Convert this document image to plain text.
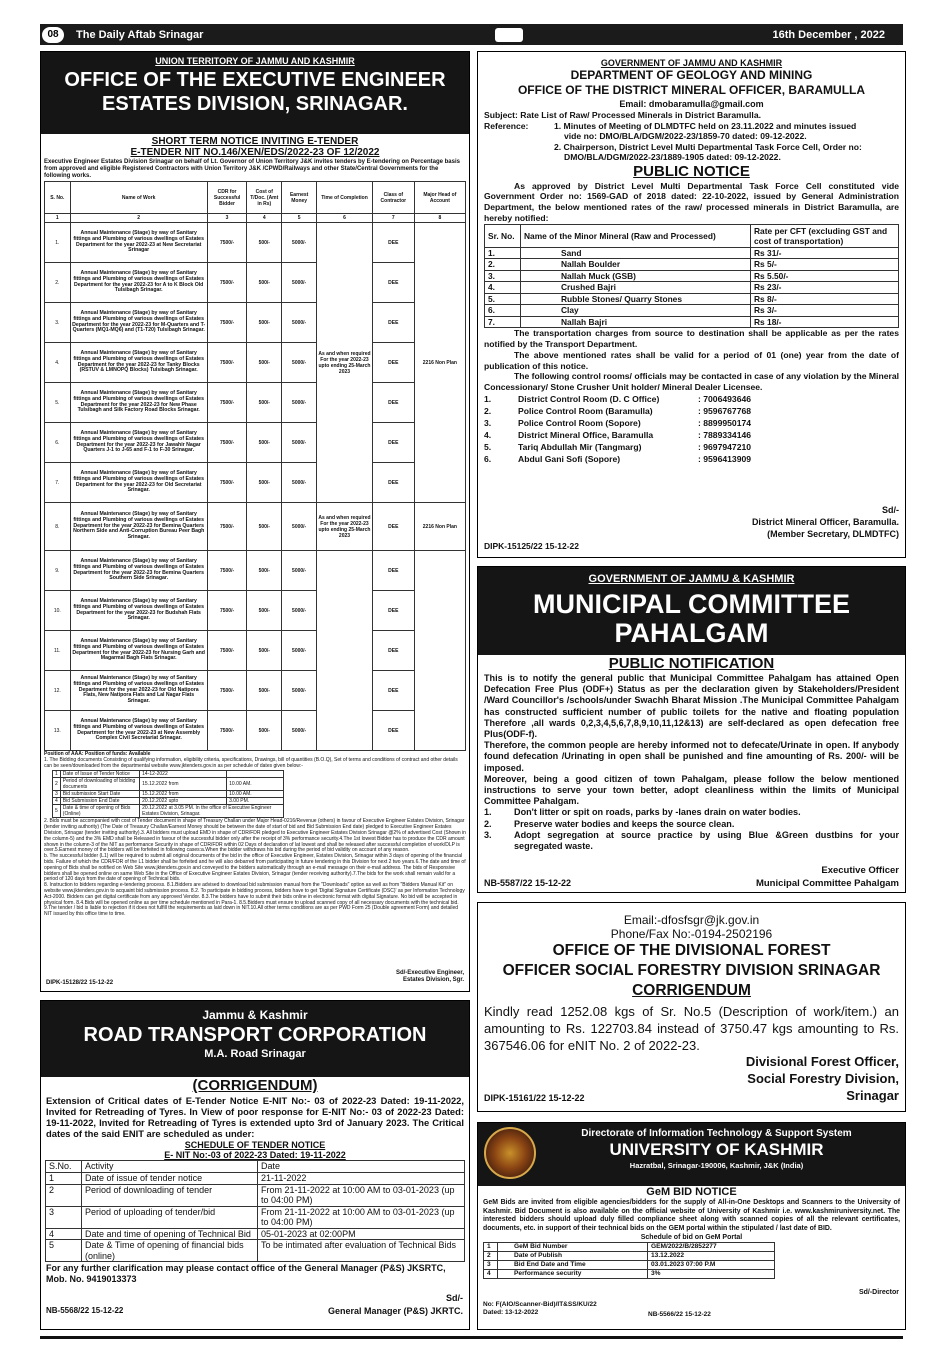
08	The Daily Aftab Srinagar	16th December , 2022
UNION TERRITORY OF JAMMU AND KASHMIR
OFFICE OF THE EXECUTIVE ENGINEER
ESTATES DIVISION, SRINAGAR.
SHORT TERM NOTICE INVITING E-TENDER
E-TENDER NIT NO.146/XEN/EDS/2022-23 OF 12/2022
Executive Engineer Estates Division Srinagar on behalf of Lt. Governor of Union Territory J&K invites tenders by E-tendering on Percentage basis from approved and eligible Registered Contractors with Union Territory J&K /CPWD/Railways and other State/Central Governments for the following works.
S. No.	Name of Work	CDR for Successful Bidder	Cost of T/Doc. (Amt in Rs)	Earnest Money	Time of Completion	Class of Contractor	Major Head of Account
1	2	3	4	5	6	7	8
1.	Annual Maintenance (Stage) by way of Sanitary fittings and Plumbing of various dwellings of Estates Department for the year 2022-23 at New Secretariat Srinagar	7500/-	500/-	5000/-	As and when required For the year 2022-23 upto ending 25-March 2023	DEE	2216 Non Plan
2.	Annual Maintenance (Stage) by way of Sanitary fittings and Plumbing of various dwellings of Estates Department for the year 2022-23 for A to K Block Old Tulsibagh Srinagar.	7500/-	500/-	5000/-		DEE	
3.	Annual Maintenance (Stage) by way of Sanitary fittings and Plumbing of various dwellings of Estates Department for the year 2022-23 for M-Quarters and T-Quarters (MQ1-MQ6) and (T1-T20) Tulsibagh Srinagar.	7500/-	500/-	5000/-		DEE	
4.	Annual Maintenance (Stage) by way of Sanitary fittings and Plumbing of various dwellings of Estates Department for the year 2022-23 for Tanky Blocks (RSTUV & LMNOPQ Blocks) Tulsibagh Srinagar.	7500/-	500/-	5000/-		DEE	
5.	Annual Maintenance (Stage) by way of Sanitary fittings and Plumbing of various dwellings of Estates Department for the year 2022-23 for New Phase Tulsibagh and Silk Factory Road Blocks Srinagar.	7500/-	500/-	5000/-		DEE	
6.	Annual Maintenance (Stage) by way of Sanitary fittings and Plumbing of various dwellings of Estates Department for the year 2022-23 for Jawahir Nagar Quarters J-1 to J-65 and F-1 to F-30 Srinagar.	7500/-	500/-	5000/-		DEE	
7.	Annual Maintenance (Stage) by way of Sanitary fittings and Plumbing of various dwellings of Estates Department for the year 2022-23 for Old Secretariat Srinagar.	7500/-	500/-	5000/-		DEE	
8.	Annual Maintenance (Stage) by way of Sanitary fittings and Plumbing of various dwellings of Estates Department for the year 2022-23 for Bemina Quarters Northern Side and Anti-Corruption Bureau Peer Bagh Srinagar.	7500/-	500/-	5000/-	As and when required For the year 2022-23 upto ending 25-March 2023	DEE	2216 Non Plan
9.	Annual Maintenance (Stage) by way of Sanitary fittings and Plumbing of various dwellings of Estates Department for the year 2022-23 for Bemina Quarters Southern Side Srinagar.	7500/-	500/-	5000/-		DEE	
10.	Annual Maintenance (Stage) by way of Sanitary fittings and Plumbing of various dwellings of Estates Department for the year 2022-23 for Budshah Flats Srinagar.	7500/-	500/-	5000/-		DEE	
11.	Annual Maintenance (Stage) by way of Sanitary fittings and Plumbing of various dwellings of Estates Department for the year 2022-23 for Nursing Garh and Magarmal Bagh Flats Srinagar.	7500/-	500/-	5000/-		DEE	
12.	Annual Maintenance (Stage) by way of Sanitary fittings and Plumbing of various dwellings of Estates Department for the year 2022-23 for Old Natipora Flats, New Natipora Flats and Lal Nagar Flats Srinagar.	7500/-	500/-	5000/-		DEE	
13.	Annual Maintenance (Stage) by way of Sanitary fittings and Plumbing of various dwellings of Estates Department for the year 2022-23 at New Assembly Complex Civil Secretariat Srinagar.	7500/-	500/-	5000/-		DEE	
Position of AAA: Position of funds: Available
1. The Bidding documents Consisting of qualifying information, eligibility criteria, specifications, Drawings, bill of quantities (B.O.Q), Set of terms and conditions of contract and other details can be seen/downloaded from the departmental website www.jktenders.gov.in as per schedule of dates given below:-
1	Date of Issue of Tender Notice	14-12-2022	
2	Period of downloading of bidding documents	15.12.2022 from	10.00 AM.
3	Bid submission Start Date	15.12.2022 from	10.00 AM.
4	Bid Submission End Date	20.12.2022 upto	3.00 PM.
5	Date & time of opening of Bids (Online)	20.12.2022 at 3.05 PM. In the office of Executive Engineer Estates Division, Srinagar.	
2. Bids must be accompanied with cost of Tender document in shape of Treasury Challan under Major Head-0216/Revenue (others) in favour of Executive Engineer Estates Division, Srinagar (tender inviting authority) (The Date of Treasury Challan/Earnest Money should be between the date of start of bid and Bid Submission End date) pledged to Executive Engineer Estates Division, Srinagar (tender inviting authority).3. All bidders must upload EMD in shape of CDR/FDR pledged to Executive Engineer Estates Division Srinagar @2% of advertised Cost (Shown in the column-5) and the 3% EMD shall be Released in favour of the successful bidder only after the receipt of 3% performance security.4.The 1st lowest Bidder has to produce the CDR amount shown in the column-3 of the NIT as performance Security in shape of CDR/FDR within 02 Days of declaration of lat lowest and shall be released after successful completion of work/DLP is over.5.Earnest money of the bidders will be forfeited in following cases:a.When the bidder withdraws his bid during the period of bid validity on account of any reason.
b. The successful bidder (L1) will be required to submit all original documents of the bid in the office of Executive Engineer, Estates Division, Srinagar within 3 days of opening of the financial bids. Failure of which the CDR/FDR of the L1 bidder shall be forfeited and he will also debarred from participating in future tendering in this Division for next 2 two years.6.The date and time of opening of Bids shall be notified on Web Site www.jktenders.gov.in and conveyed to the bidders automatically through an e-mail message on their e-mail address. The bids of Responsive bidders shall be opened online on same Web Site in the Office of Executive Engineer Estates Division, Srinagar (tender receiving authority).7.The bids for the work shall remain valid for a period of 120 days from the date of opening of Technical bids.
8. Instruction to bidders regarding e-tendering process. 8.1.Bidders are advised to download bid submission manual from the "Downloads" option as well as from "Bidders Manual Kit" on website www.jktenders.gov.in to acquaint bid submission process. 8.2. To participate in bidding process, bidders have to get 'Digital Signature Certificate (DSC)' as per Information Technology Act-2000. Bidders can get digital certificate from any approved Vendor. 8.3.The bidders have to submit their bids online in electronic format with digital Signature. No bid will be accepted in physical form. 8.4.Bids will be opened online as per time schedule mentioned in Para-1. 8.5.Bidders must ensure to upload scanned copy of all necessary documents with the technical bid. 9.The tender / bid is liable to rejection if it does not fulfill the requirements as laid down in NIT.10.All other terms conditions are as per PWD Form 25 (Double agreement Form) and detailed NIT issued by this office time to time.
Sd/-Executive Engineer,
Estates Division, Sgr.
DIPK-15128/22 15-12-22
Jammu & Kashmir
ROAD TRANSPORT CORPORATION
M.A. Road Srinagar
(CORRIGENDUM)
Extension of Critical dates of E-Tender Notice E-NIT No:- 03 of 2022-23 Dated: 19-11-2022, Invited for Retreading of Tyres. In View of poor response for E-NIT No:- 03 of 2022-23 Dated: 19-11-2022, Invited for Retreading of Tyres is extended upto 3rd of January 2023. The Critical dates of the said ENIT are scheduled as under:
SCHEDULE OF TENDER NOTICE
E- NIT No:-03 of 2022-23 Dated: 19-11-2022
S.No.	Activity	Date
1	Date of issue of tender notice	21-11-2022
2	Period of downloading of tender	From 21-11-2022 at 10:00 AM to 03-01-2023 (up to 04:00 PM)
3	Period of uploading of tender/bid	From 21-11-2022 at 10:00 AM to 03-01-2023 (up to 04:00 PM)
4	Date and time of opening of Technical Bid	05-01-2023 at 02:00PM
5	Date & Time of opening of financial bids (online)	To be intimated after evaluation of Technical Bids
For any further clarification may please contact office of the General Manager (P&S) JKSRTC, Mob. No. 9419013373
Sd/-
NB-5568/22 15-12-22	General Manager (P&S) JKRTC.
GOVERNMENT OF JAMMU AND KASHMIR
DEPARTMENT OF GEOLOGY AND MINING
OFFICE OF THE DISTRICT MINERAL OFFICER, BARAMULLA
Email: dmobaramulla@gmail.com
Subject: Rate List of Raw/ Processed Minerals in District Baramulla.
Reference:	1. Minutes of Meeting of DLMDTFC held on 23.11.2022 and minutes issued
vide no: DMO/BLA/DGM/2022-23/1859-70 dated: 09-12-2022.
2. Chairperson, District Level Multi Departmental Task Force Cell, Order no:
DMO/BLA/DGM/2022-23/1889-1905 dated: 09-12-2022.
PUBLIC NOTICE
As approved by District Level Multi Departmental Task Force Cell constituted vide Government Order no: 1569-GAD of 2018 dated: 22-10-2022, issued by General Administration Department, the below mentioned rates of the raw/ processed minerals in District Baramulla, are hereby notified:
Sr. No.	Name of the Minor Mineral (Raw and Processed)	Rate per CFT (excluding GST and cost of transportation)
1.	Sand	Rs 31/-
2.	Nallah Boulder	Rs 5/-
3.	Nallah Muck (GSB)	Rs 5.50/-
4.	Crushed Bajri	Rs 23/-
5.	Rubble Stones/ Quarry Stones	Rs 8/-
6.	Clay	Rs 3/-
7.	Nallah Bajri	Rs 18/-
The transportation charges from source to destination shall be applicable as per the rates notified by the Transport Department.
The above mentioned rates shall be valid for a period of 01 (one) year from the date of publication of this notice.
The following control rooms/ officials may be contacted in case of any violation by the Mineral Concessionary/ Stone Crusher Unit holder/ Mineral Dealer Licensee.
1.	District Control Room (D. C Office)	: 7006493646
2.	Police Control Room (Baramulla)	: 9596767768
3.	Police Control Room (Sopore)	: 8899950174
4.	District Mineral Office, Baramulla	: 7889334146
5.	Tariq Abdullah Mir (Tangmarg)	: 9697947210
6.	Abdul Gani Sofi (Sopore)	: 9596413909
Sd/-
District Mineral Officer, Baramulla.
(Member Secretary, DLMDTFC)
DIPK-15125/22 15-12-22
GOVERNMENT OF JAMMU & KASHMIR
MUNICIPAL COMMITTEE
PAHALGAM
PUBLIC NOTIFICATION
This is to notify the general public that Municipal Committee Pahalgam has attained Open Defecation Free Plus (ODF+) Status as per the declaration given by Stakeholders/President /Ward Councillor's /schools/under Swachh Bharat Mission .The Municipal Committee Pahalgam has constructed sufficient number of public toilets for the native and floating population Therefore ,all wards 0,2,3,4,5,6,7,8,9,10,11,12&13) are self-declared as open defecation free Plus(ODF-f).
Therefore, the common people are hereby informed not to defecate/Urinate in open. If anybody found defecation /Urinating in open shall be punished and fine amounting of Rs. 200/- will be imposed.
Moreover, being a good citizen of town Pahalgam, please follow the below mentioned instructions to serve your town better, adopt cleanliness within the limits of Municipal Committee Pahalgam.
1.	Don't litter or spit on roads, parks by -lanes drain on water bodies.
2.	Preserve water bodies and keeps the source clean.
3.	Adopt segregation at source practice by using Blue &Green dustbins for your segregated waste.
Executive Officer
NB-5587/22 15-12-22	Municipal Committee Pahalgam
Email:-dfosfsgr@jk.gov.in
Phone/Fax No:-0194-2502196
OFFICE OF THE DIVISIONAL FOREST
OFFICER SOCIAL FORESTRY DIVISION SRINAGAR
CORRIGENDUM
Kindly read 1252.08 kgs of Sr. No.5 (Description of work/item.) an amounting to Rs. 122703.84 instead of 3750.47 kgs amounting to Rs. 367546.06 for eNIT No. 2 of 2022-23.
Divisional Forest Officer,
Social Forestry Division,
Srinagar
DIPK-15161/22 15-12-22
Directorate of Information Technology & Support System
UNIVERSITY OF KASHMIR
Hazratbal, Srinagar-190006, Kashmir, J&K (India)
GeM BID NOTICE
GeM Bids are invited from eligible agencies/bidders for the supply of All-in-One Desktops and Scanners to the University of Kashmir. Bid Document is also available on the official website of University of Kashmir i.e. www.kashmiruniversity.net. The interested bidders should upload duly filled compliance sheet along with scanned copies of all the relevant certificates, documents, etc. in support of their technical bids on the GEM portal within the stipulated / last date of BID.
Schedule of bid on GeM Portal
1	GeM Bid Number	GEM/2022/B/2852277
2	Date of Publish	13.12.2022
3	Bid End Date and Time	03.01.2023 07:00 P.M
4	Performance security	3%
Sd/-Director
No: F(AIO/Scanner-Bid)/IT&SS/KU/22
Dated: 13-12-2022	NB-5566/22 15-12-22
